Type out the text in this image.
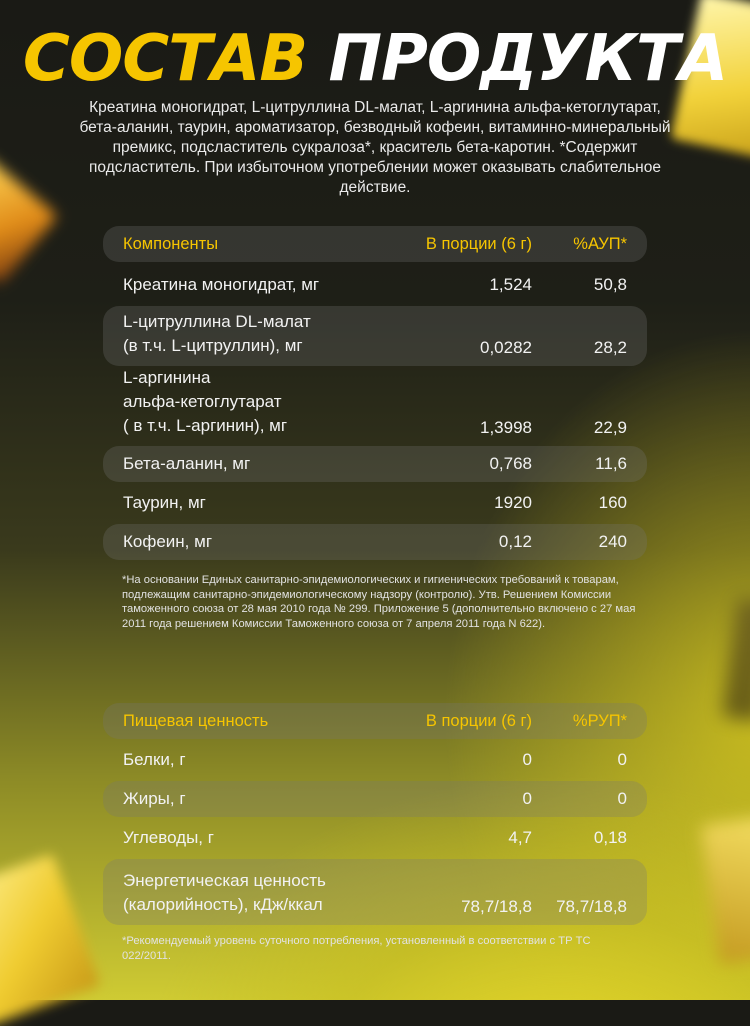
СОСТАВ ПРОДУКТА
Креатина моногидрат, L-цитруллина DL-малат, L-аргинина альфа-кетоглутарат, бета-аланин, таурин, ароматизатор, безводный кофеин, витаминно-минеральный премикс, подсластитель сукралоза*, краситель бета-каротин. *Содержит подсластитель. При избыточном употреблении может оказывать слабительное действие.
Компоненты	В порции (6 г)	%АУП*
Креатина моногидрат, мг	1,524	50,8
L-цитруллина DL-малат
(в т.ч. L-цитруллин), мг	0,0282	28,2
L-аргинина
альфа-кетоглутарат
( в т.ч. L-аргинин), мг	1,3998	22,9
Бета-аланин, мг	0,768	11,6
Таурин, мг	1920	160
Кофеин, мг	0,12	240
*На основании Единых санитарно-эпидемиологических и гигиенических требований к товарам, подлежащим санитарно-эпидемиологическому надзору (контролю). Утв. Решением Комиссии таможенного союза от 28 мая 2010 года № 299. Приложение 5 (дополнительно включено с 27 мая 2011 года решением Комиссии Таможенного союза от 7 апреля 2011 года N 622).
Пищевая ценность	В порции (6 г)	%РУП*
Белки, г	0	0
Жиры, г	0	0
Углеводы, г	4,7	0,18
Энергетическая ценность
(калорийность), кДж/ккал	78,7/18,8	78,7/18,8
*Рекомендуемый уровень суточного потребления, установленный в соответствии с ТР ТС 022/2011.
